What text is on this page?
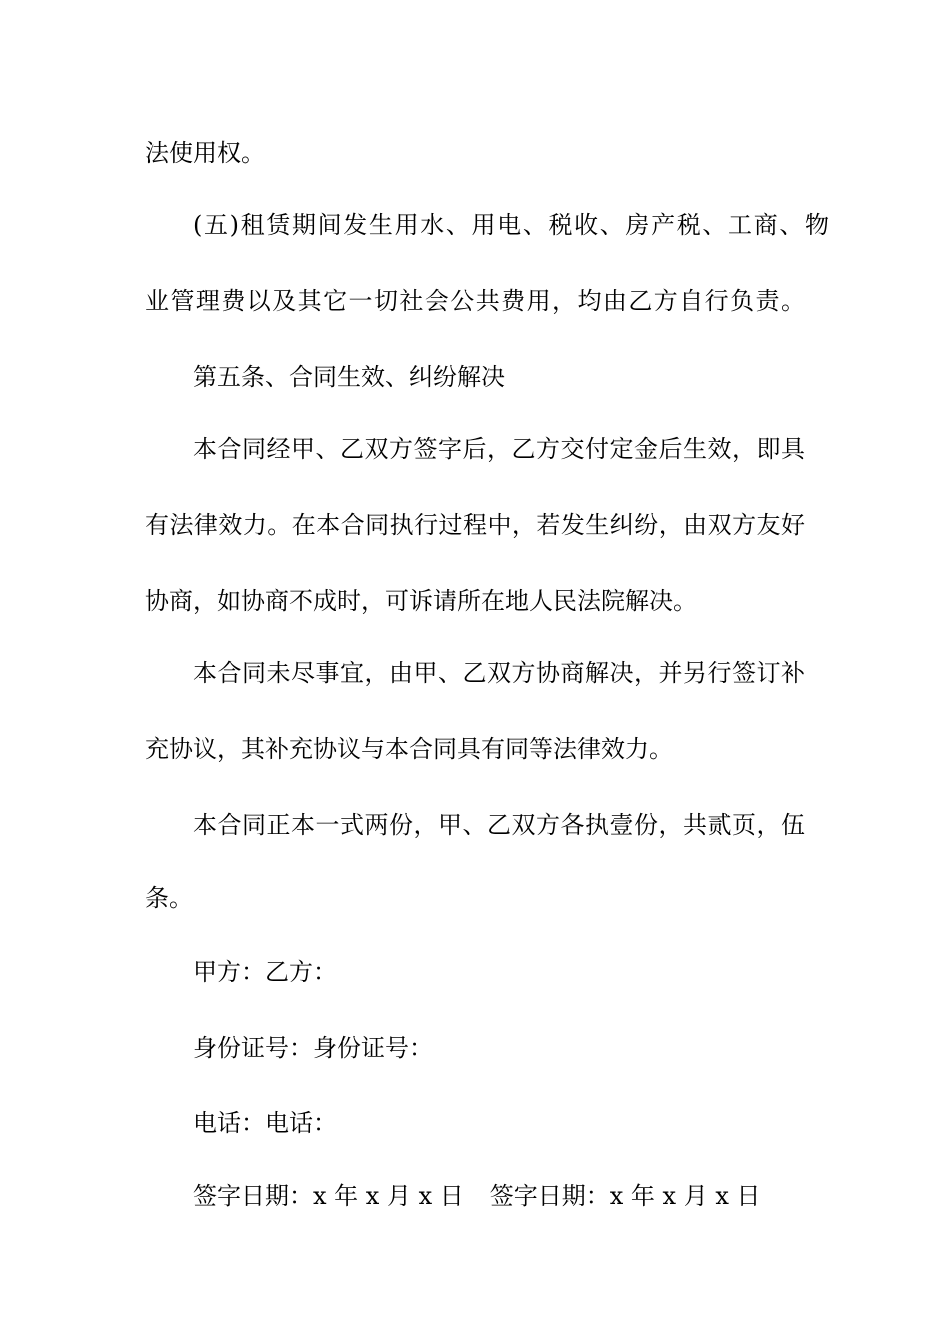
法使用权。
(五)租赁期间发生用水、用电、税收、房产税、工商、物
业管理费以及其它一切社会公共费用，均由乙方自行负责。
第五条、合同生效、纠纷解决
本合同经甲、乙双方签字后，乙方交付定金后生效，即具
有法律效力。在本合同执行过程中，若发生纠纷，由双方友好
协商，如协商不成时，可诉请所在地人民法院解决。
本合同未尽事宜，由甲、乙双方协商解决，并另行签订补
充协议，其补充协议与本合同具有同等法律效力。
本合同正本一式两份，甲、乙双方各执壹份，共贰页，伍
条。
甲方：乙方：
身份证号：身份证号：
电话：电话：
签字日期：x 年 x 月 x 日 签字日期：x 年 x 月 x 日
